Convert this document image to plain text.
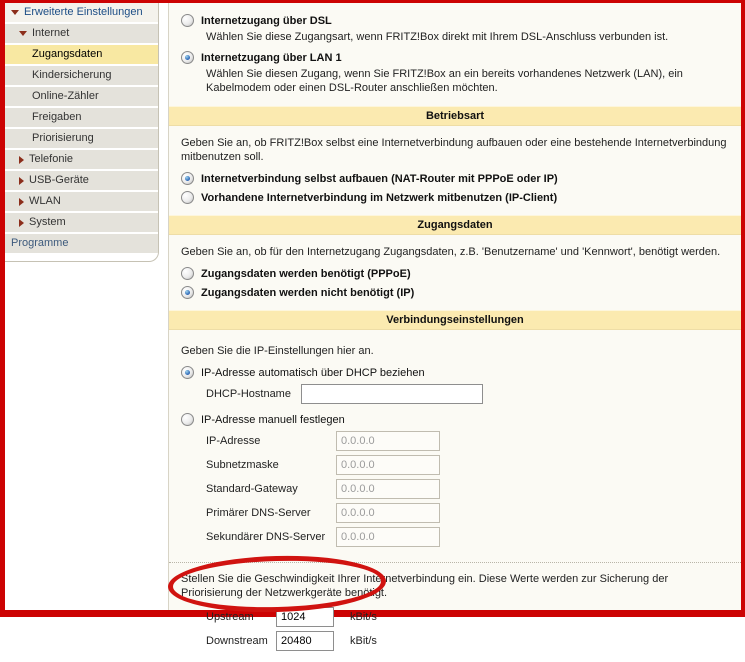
Erweiterte Einstellungen
Internet
Zugangsdaten
Kindersicherung
Online-Zähler
Freigaben
Priorisierung
Telefonie
USB-Geräte
WLAN
System
Programme
Internetzugang über DSL
Wählen Sie diese Zugangsart, wenn FRITZ!Box direkt mit Ihrem DSL-Anschluss verbunden ist.
Internetzugang über LAN 1
Wählen Sie diesen Zugang, wenn Sie FRITZ!Box an ein bereits vorhandenes Netzwerk (LAN), ein Kabelmodem oder einen DSL-Router anschließen möchten.
Betriebsart

Geben Sie an, ob FRITZ!Box selbst eine Internetverbindung aufbauen oder eine bestehende Internetverbindung mitbenutzen soll.

Internetverbindung selbst aufbauen (NAT-Router mit PPPoE oder IP)
Vorhandene Internetverbindung im Netzwerk mitbenutzen (IP-Client)
Zugangsdaten

Geben Sie an, ob für den Internetzugang Zugangsdaten, z.B. 'Benutzername' und 'Kennwort', benötigt werden.

Zugangsdaten werden benötigt (PPPoE)
Zugangsdaten werden nicht benötigt (IP)
Verbindungseinstellungen

Geben Sie die IP-Einstellungen hier an.

IP-Adresse automatisch über DHCP beziehen
DHCP-Hostname
IP-Adresse manuell festlegen
IP-Adresse
0.0.0.0
Subnetzmaske
0.0.0.0
Standard-Gateway
0.0.0.0
Primärer DNS-Server
0.0.0.0
Sekundärer DNS-Server
0.0.0.0

Stellen Sie die Geschwindigkeit Ihrer Internetverbindung ein. Diese Werte werden zur Sicherung der Priorisierung der Netzwerkgeräte benötigt.

Upstream
1024	kBit/s
Downstream
20480	kBit/s
